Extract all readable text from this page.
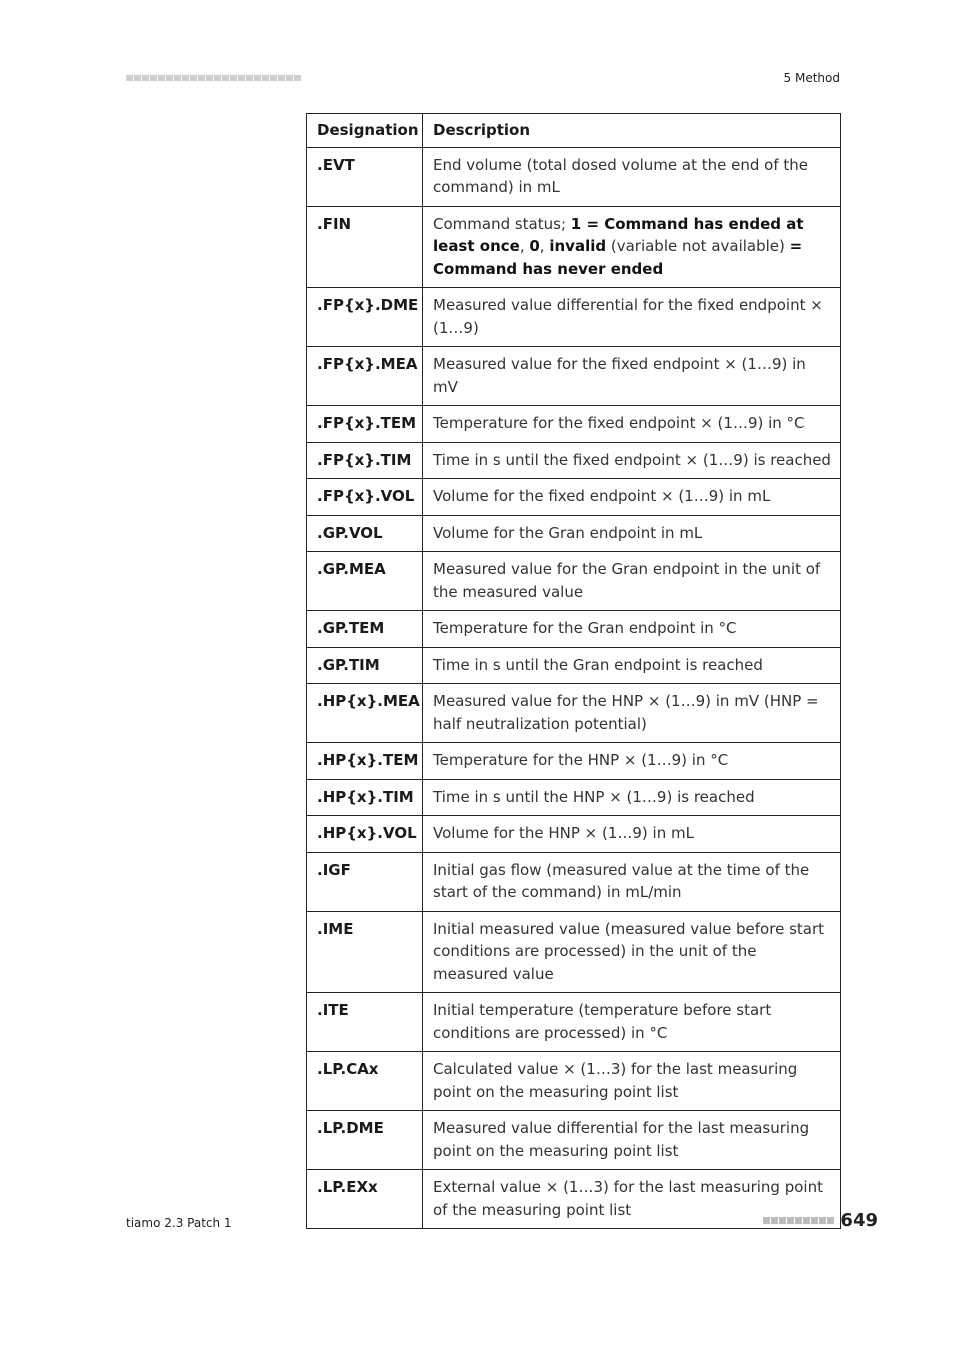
5 Method
Designation	Description
.EVT	End volume (total dosed volume at the end of the command) in mL
.FIN	Command status; 1 = Command has ended at least once, 0, invalid (variable not available) = Command has never ended
.FP{x}.DME	Measured value differential for the fixed endpoint × (1…9)
.FP{x}.MEA	Measured value for the fixed endpoint × (1…9) in mV
.FP{x}.TEM	Temperature for the fixed endpoint × (1…9) in °C
.FP{x}.TIM	Time in s until the fixed endpoint × (1…9) is reached
.FP{x}.VOL	Volume for the fixed endpoint × (1…9) in mL
.GP.VOL	Volume for the Gran endpoint in mL
.GP.MEA	Measured value for the Gran endpoint in the unit of the measured value
.GP.TEM	Temperature for the Gran endpoint in °C
.GP.TIM	Time in s until the Gran endpoint is reached
.HP{x}.MEA	Measured value for the HNP × (1…9) in mV (HNP = half neutralization potential)
.HP{x}.TEM	Temperature for the HNP × (1…9) in °C
.HP{x}.TIM	Time in s until the HNP × (1…9) is reached
.HP{x}.VOL	Volume for the HNP × (1…9) in mL
.IGF	Initial gas flow (measured value at the time of the start of the command) in mL/min
.IME	Initial measured value (measured value before start conditions are processed) in the unit of the measured value
.ITE	Initial temperature (temperature before start conditions are processed) in °C
.LP.CAx	Calculated value × (1…3) for the last measuring point on the measuring point list
.LP.DME	Measured value differential for the last measuring point on the measuring point list
.LP.EXx	External value × (1…3) for the last measuring point of the measuring point list
tiamo 2.3 Patch 1	649
